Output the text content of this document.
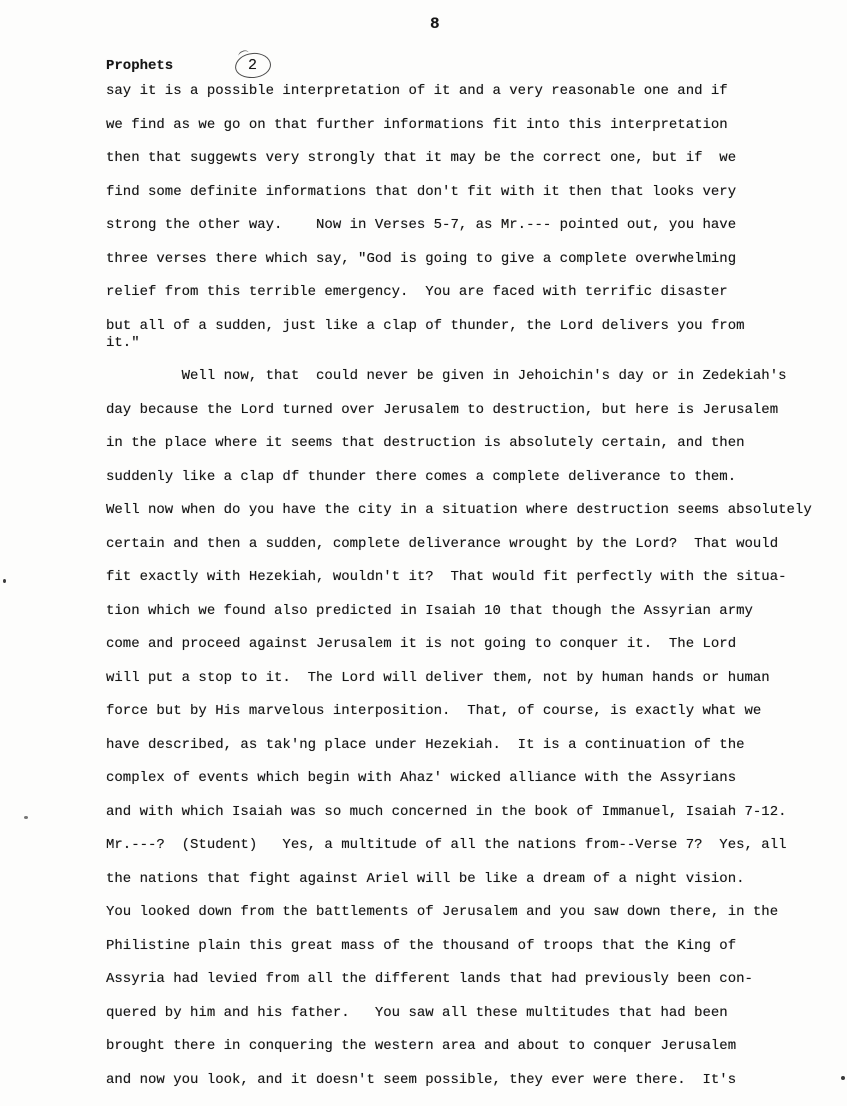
8
Prophets	2
say it is a possible interpretation of it and a very reasonable one and if
we find as we go on that further informations fit into this interpretation
then that suggewts very strongly that it may be the correct one, but if  we
find some definite informations that don't fit with it then that looks very
strong the other way.    Now in Verses 5-7, as Mr.--- pointed out, you have
three verses there which say, "God is going to give a complete overwhelming
relief from this terrible emergency.  You are faced with terrific disaster
but all of a sudden, just like a clap of thunder, the Lord delivers you from
it."
Well now, that  could never be given in Jehoichin's day or in Zedekiah's
day because the Lord turned over Jerusalem to destruction, but here is Jerusalem
in the place where it seems that destruction is absolutely certain, and then
suddenly like a clap df thunder there comes a complete deliverance to them.
Well now when do you have the city in a situation where destruction seems absolutely
certain and then a sudden, complete deliverance wrought by the Lord?  That would
fit exactly with Hezekiah, wouldn't it?  That would fit perfectly with the situa-
tion which we found also predicted in Isaiah 10 that though the Assyrian army
come and proceed against Jerusalem it is not going to conquer it.  The Lord
will put a stop to it.  The Lord will deliver them, not by human hands or human
force but by His marvelous interposition.  That, of course, is exactly what we
have described, as tak'ng place under Hezekiah.  It is a continuation of the
complex of events which begin with Ahaz' wicked alliance with the Assyrians
and with which Isaiah was so much concerned in the book of Immanuel, Isaiah 7-12.
Mr.---?  (Student)   Yes, a multitude of all the nations from--Verse 7?  Yes, all
the nations that fight against Ariel will be like a dream of a night vision.
You looked down from the battlements of Jerusalem and you saw down there, in the
Philistine plain this great mass of the thousand of troops that the King of
Assyria had levied from all the different lands that had previously been con-
quered by him and his father.   You saw all these multitudes that had been
brought there in conquering the western area and about to conquer Jerusalem
and now you look, and it doesn't seem possible, they ever were there.  It's
